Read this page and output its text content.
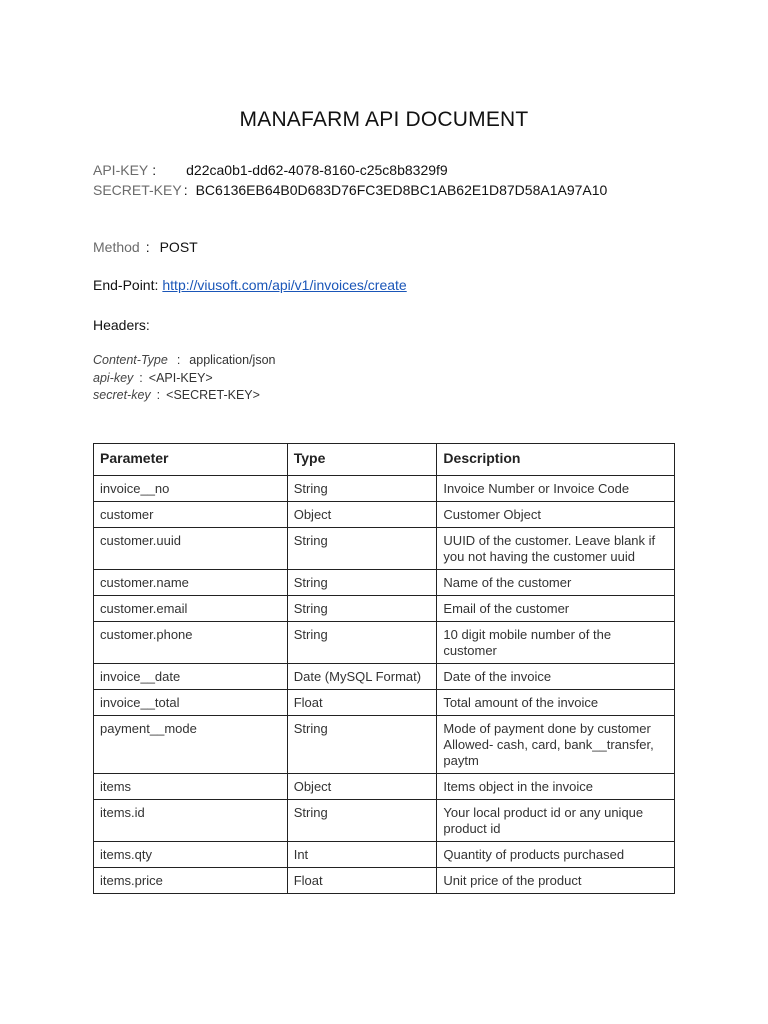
MANAFARM API DOCUMENT
API-KEY : d22ca0b1-dd62-4078-8160-c25c8b8329f9
SECRET-KEY : BC6136EB64B0D683D76FC3ED8BC1AB62E1D87D58A1A97A10
Method : POST
End-Point: http://viusoft.com/api/v1/invoices/create
Headers:
Content-Type : application/json
api-key : <API-KEY>
secret-key : <SECRET-KEY>
Parameter	Type	Description
invoice__no	String	Invoice Number or Invoice Code
customer	Object	Customer Object
customer.uuid	String	UUID of the customer. Leave blank if you not having the customer uuid
customer.name	String	Name of the customer
customer.email	String	Email of the customer
customer.phone	String	10 digit mobile number of the customer
invoice__date	Date (MySQL Format)	Date of the invoice
invoice__total	Float	Total amount of the invoice
payment__mode	String	Mode of payment done by customer Allowed- cash, card, bank__transfer, paytm
items	Object	Items object in the invoice
items.id	String	Your local product id or any unique product id
items.qty	Int	Quantity of products purchased
items.price	Float	Unit price of the product
